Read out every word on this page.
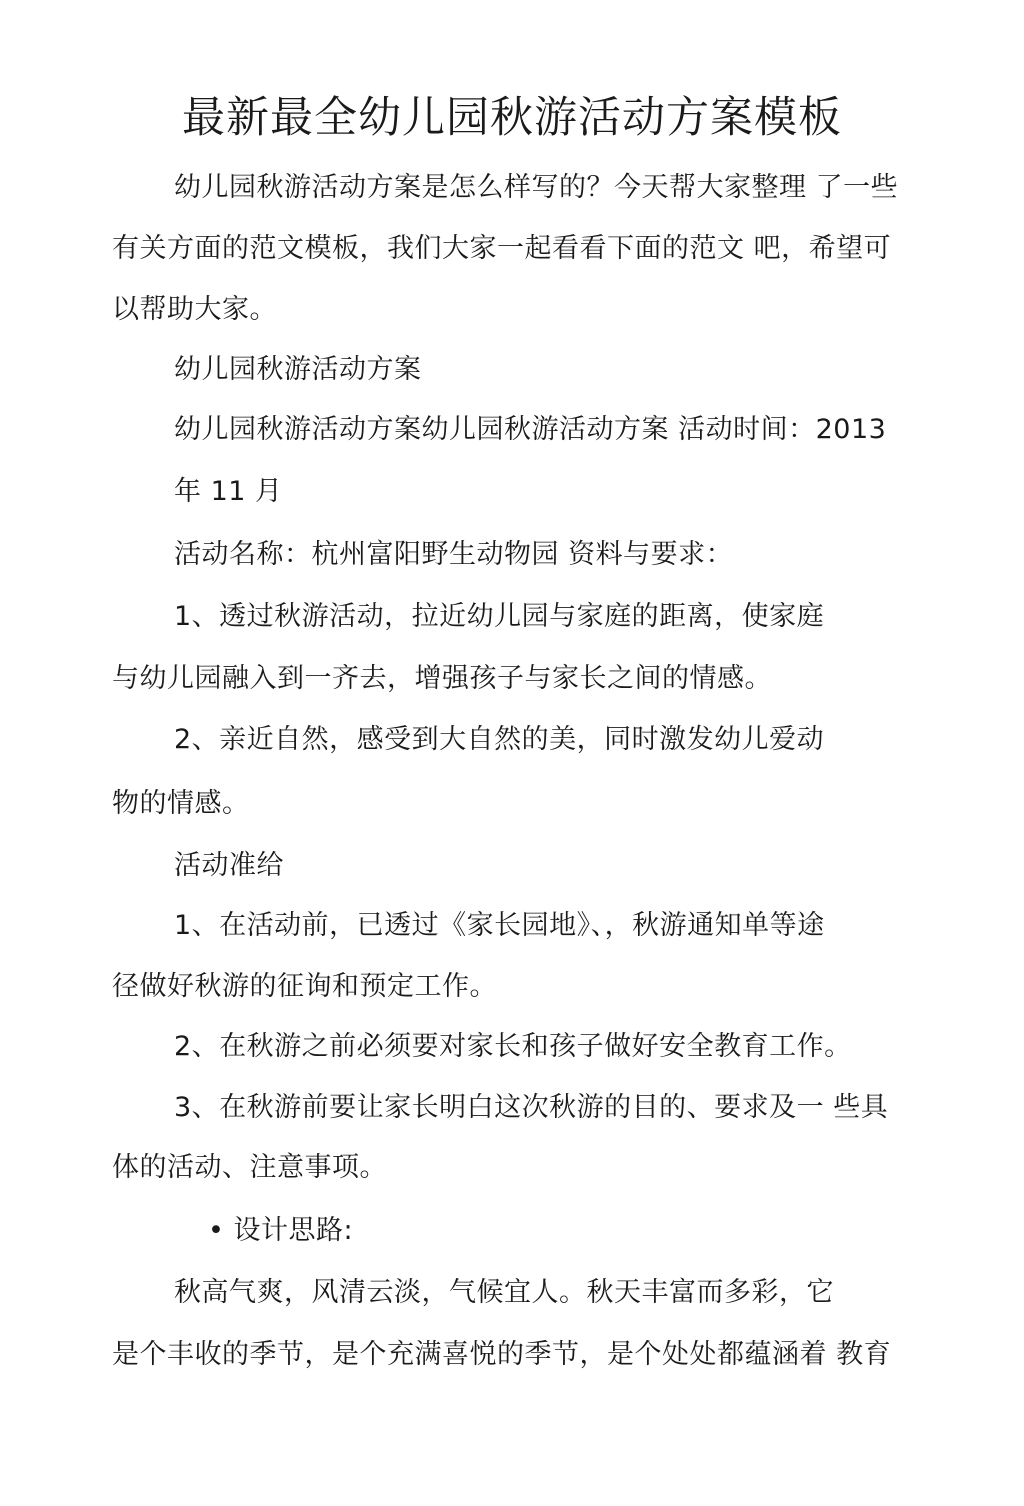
最新最全幼儿园秋游活动方案模板
幼儿园秋游活动方案是怎么样写的？今天帮大家整理 了一些
有关方面的范文模板，我们大家一起看看下面的范文 吧，希望可
以帮助大家。
幼儿园秋游活动方案
幼儿园秋游活动方案幼儿园秋游活动方案 活动时间：2013
年 11 月
活动名称：杭州富阳野生动物园 资料与要求：
1、透过秋游活动，拉近幼儿园与家庭的距离，使家庭
与幼儿园融入到一齐去，增强孩子与家长之间的情感。
2、亲近自然，感受到大自然的美，同时激发幼儿爱动
物的情感。
活动准给
1、在活动前，已透过《家长园地》、，秋游通知单等途
径做好秋游的征询和预定工作。
2、在秋游之前必须要对家长和孩子做好安全教育工作。
3、在秋游前要让家长明白这次秋游的目的、要求及一 些具
体的活动、注意事项。
• 设计思路:
秋高气爽，风清云淡，气候宜人。秋天丰富而多彩，它
是个丰收的季节，是个充满喜悦的季节，是个处处都蕴涵着 教育
